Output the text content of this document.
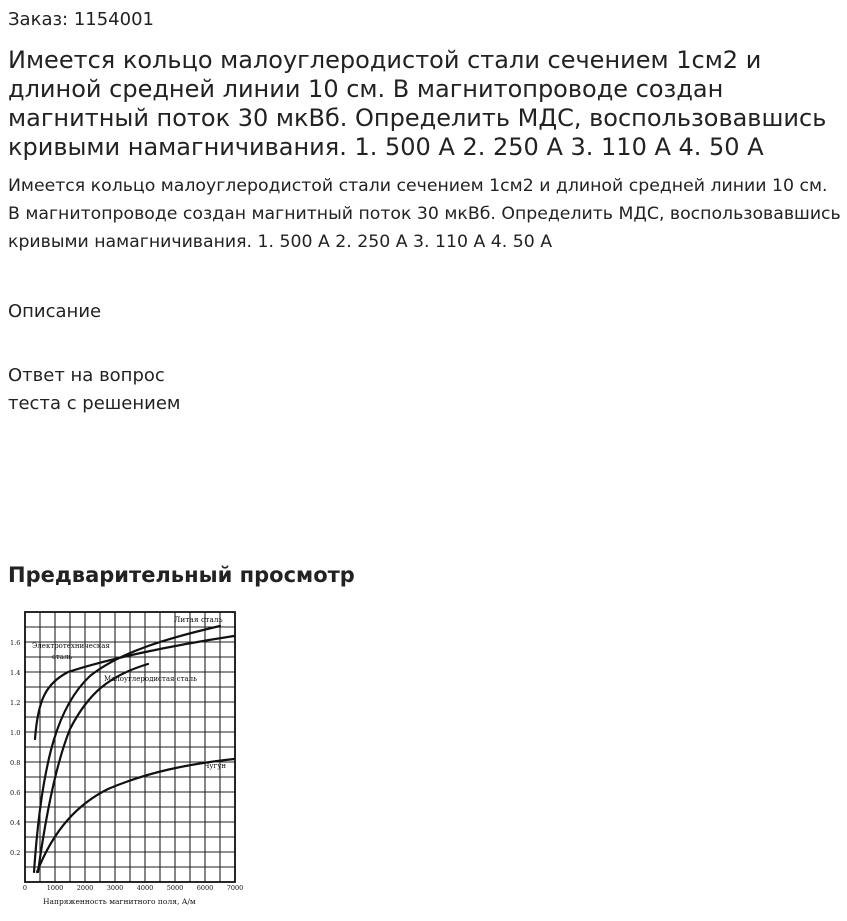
Заказ: 1154001
Имеется кольцо малоуглеродистой стали сечением 1см2 и длиной средней линии 10 см. В магнитопроводе создан магнитный поток 30 мкВб. Определить МДС, воспользовавшись кривыми намагничивания. 1. 500 А 2. 250 А 3. 110 А 4. 50 А

Имеется кольцо малоуглеродистой стали сечением 1см2 и длиной средней линии 10 см. В магнитопроводе создан магнитный поток 30 мкВб. Определить МДС, воспользовавшись кривыми намагничивания. 1. 500 А 2. 250 А 3. 110 А 4. 50 А

Описание
Ответ на вопрос
теста с решением
Предварительный просмотр
Литая сталь
Электротехническая
сталь
Малоуглеродистая сталь
Чугун
0.2
0.4
0.6
0.8
1.0
1.2
1.4
1.6
0	1000 2000 3000 4000 5000 6000 7000
Напряженность магнитного поля, А/м
